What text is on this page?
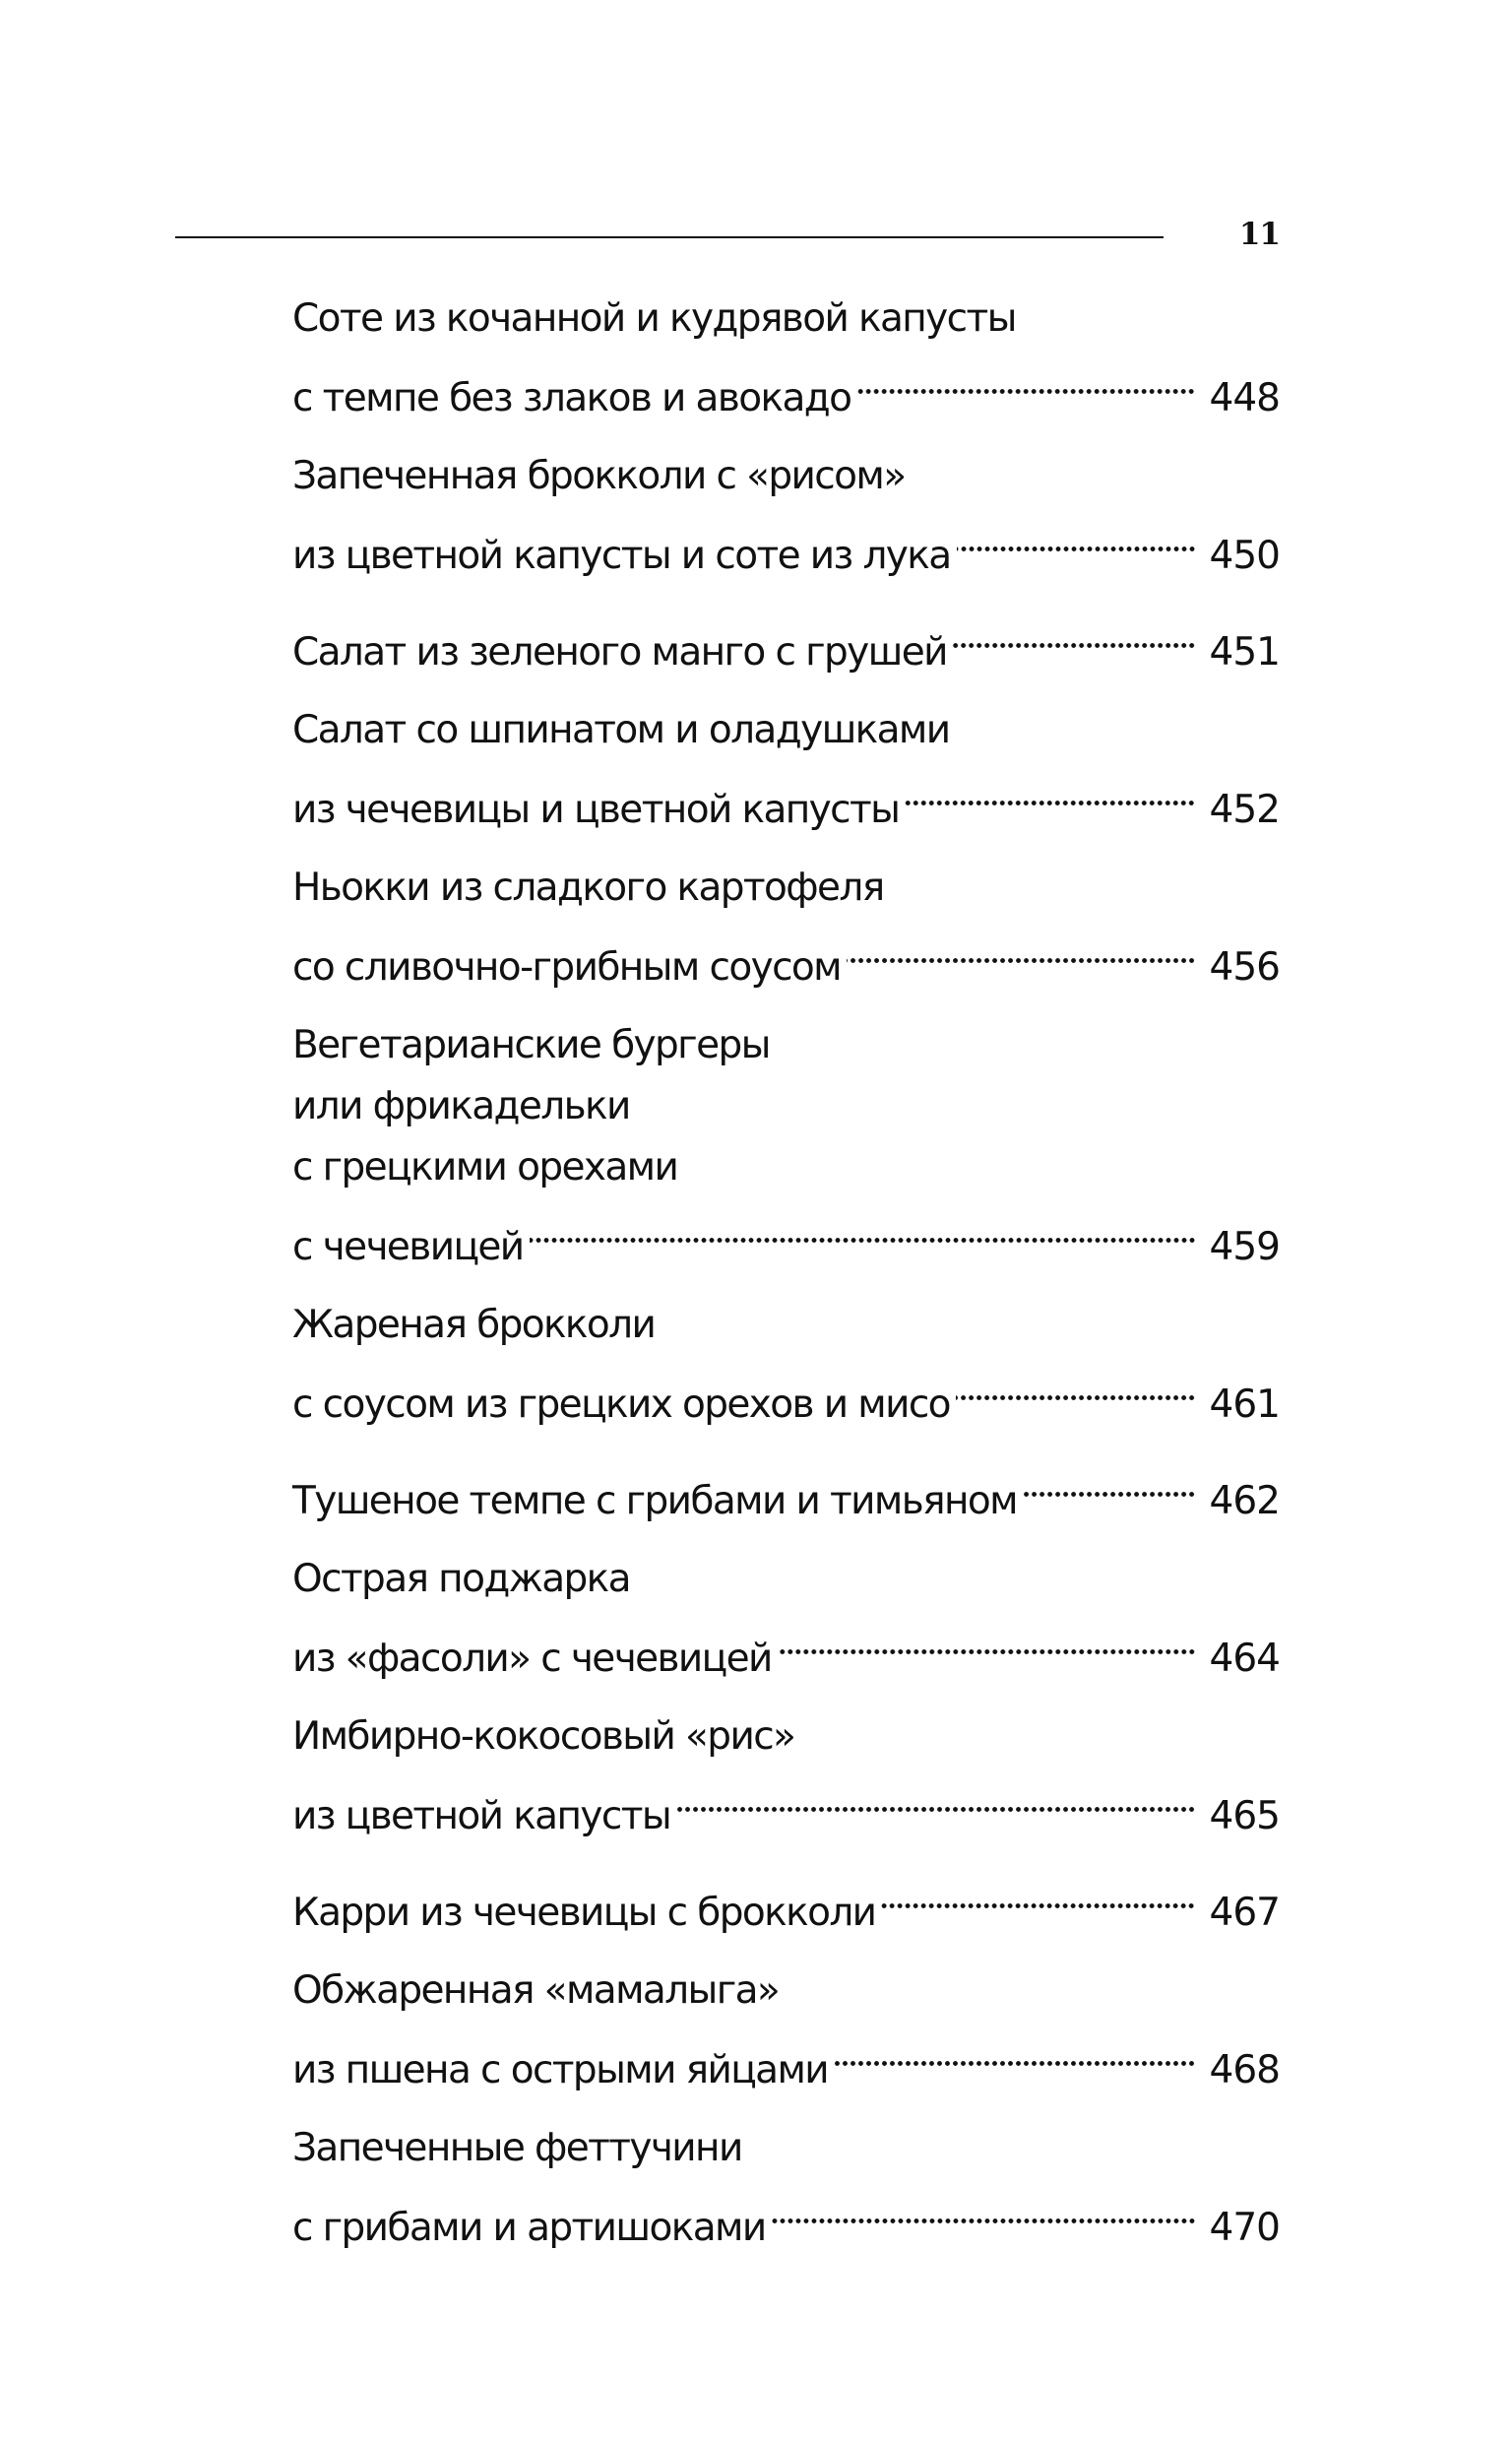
11
Соте из кочанной и кудрявой капусты
с темпе без злаков и авокадо	448
Запеченная брокколи с «рисом»
из цветной капусты и соте из лука	450
Салат из зеленого манго с грушей	451
Салат со шпинатом и оладушками
из чечевицы и цветной капусты	452
Ньокки из сладкого картофеля
со сливочно-грибным соусом	456
Вегетарианские бургеры
или фрикадельки
с грецкими орехами
с чечевицей	459
Жареная брокколи
с соусом из грецких орехов и мисо	461
Тушеное темпе с грибами и тимьяном	462
Острая поджарка
из «фасоли» с чечевицей	464
Имбирно-кокосовый «рис»
из цветной капусты	465
Карри из чечевицы с брокколи	467
Обжаренная «мамалыга»
из пшена с острыми яйцами	468
Запеченные феттучини
с грибами и артишоками	470
